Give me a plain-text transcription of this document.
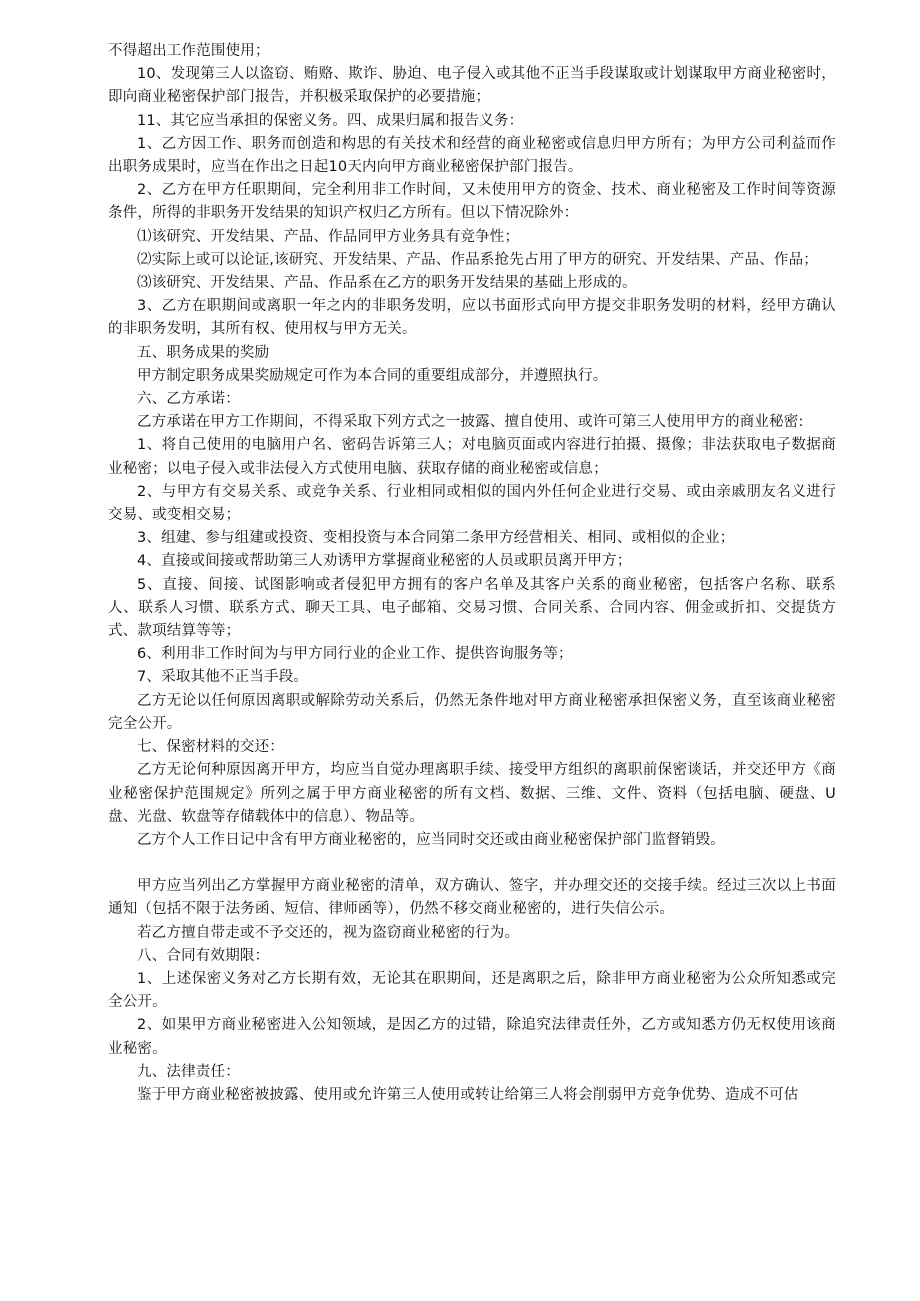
不得超出工作范围使用；

10、发现第三人以盗窃、贿赂、欺诈、胁迫、电子侵入或其他不正当手段谋取或计划谋取甲方商业秘密时，即向商业秘密保护部门报告，并积极采取保护的必要措施；

11、其它应当承担的保密义务。四、成果归属和报告义务：

1、乙方因工作、职务而创造和构思的有关技术和经营的商业秘密或信息归甲方所有；为甲方公司利益而作出职务成果时，应当在作出之日起10天内向甲方商业秘密保护部门报告。

2、乙方在甲方任职期间，完全利用非工作时间，又未使用甲方的资金、技术、商业秘密及工作时间等资源条件，所得的非职务开发结果的知识产权归乙方所有。但以下情况除外：

⑴该研究、开发结果、产品、作品同甲方业务具有竞争性；

⑵实际上或可以论证,该研究、开发结果、产品、作品系抢先占用了甲方的研究、开发结果、产品、作品；

⑶该研究、开发结果、产品、作品系在乙方的职务开发结果的基础上形成的。

3、乙方在职期间或离职一年之内的非职务发明，应以书面形式向甲方提交非职务发明的材料，经甲方确认的非职务发明，其所有权、使用权与甲方无关。

五、职务成果的奖励

甲方制定职务成果奖励规定可作为本合同的重要组成部分，并遵照执行。

六、乙方承诺：

乙方承诺在甲方工作期间，不得采取下列方式之一披露、擅自使用、或许可第三人使用甲方的商业秘密:

1、将自己使用的电脑用户名、密码告诉第三人；对电脑页面或内容进行拍摄、摄像；非法获取电子数据商业秘密；以电子侵入或非法侵入方式使用电脑、获取存储的商业秘密或信息；

2、与甲方有交易关系、或竞争关系、行业相同或相似的国内外任何企业进行交易、或由亲戚朋友名义进行交易、或变相交易；

3、组建、参与组建或投资、变相投资与本合同第二条甲方经营相关、相同、或相似的企业；

4、直接或间接或帮助第三人劝诱甲方掌握商业秘密的人员或职员离开甲方；

5、直接、间接、试图影响或者侵犯甲方拥有的客户名单及其客户关系的商业秘密，包括客户名称、联系人、联系人习惯、联系方式、聊天工具、电子邮箱、交易习惯、合同关系、合同内容、佣金或折扣、交提货方式、款项结算等等；

6、利用非工作时间为与甲方同行业的企业工作、提供咨询服务等；

7、采取其他不正当手段。

乙方无论以任何原因离职或解除劳动关系后，仍然无条件地对甲方商业秘密承担保密义务，直至该商业秘密完全公开。

七、保密材料的交还：

乙方无论何种原因离开甲方，均应当自觉办理离职手续、接受甲方组织的离职前保密谈话，并交还甲方《商业秘密保护范围规定》所列之属于甲方商业秘密的所有文档、数据、三维、文件、资料（包括电脑、硬盘、U盘、光盘、软盘等存储载体中的信息）、物品等。

乙方个人工作日记中含有甲方商业秘密的，应当同时交还或由商业秘密保护部门监督销毁。

甲方应当列出乙方掌握甲方商业秘密的清单，双方确认、签字，并办理交还的交接手续。经过三次以上书面通知（包括不限于法务函、短信、律师函等），仍然不移交商业秘密的，进行失信公示。

若乙方擅自带走或不予交还的，视为盗窃商业秘密的行为。

八、合同有效期限：

1、上述保密义务对乙方长期有效，无论其在职期间，还是离职之后，除非甲方商业秘密为公众所知悉或完全公开。

2、如果甲方商业秘密进入公知领域，是因乙方的过错，除追究法律责任外，乙方或知悉方仍无权使用该商业秘密。

九、法律责任：

鉴于甲方商业秘密被披露、使用或允许第三人使用或转让给第三人将会削弱甲方竞争优势、造成不可估
